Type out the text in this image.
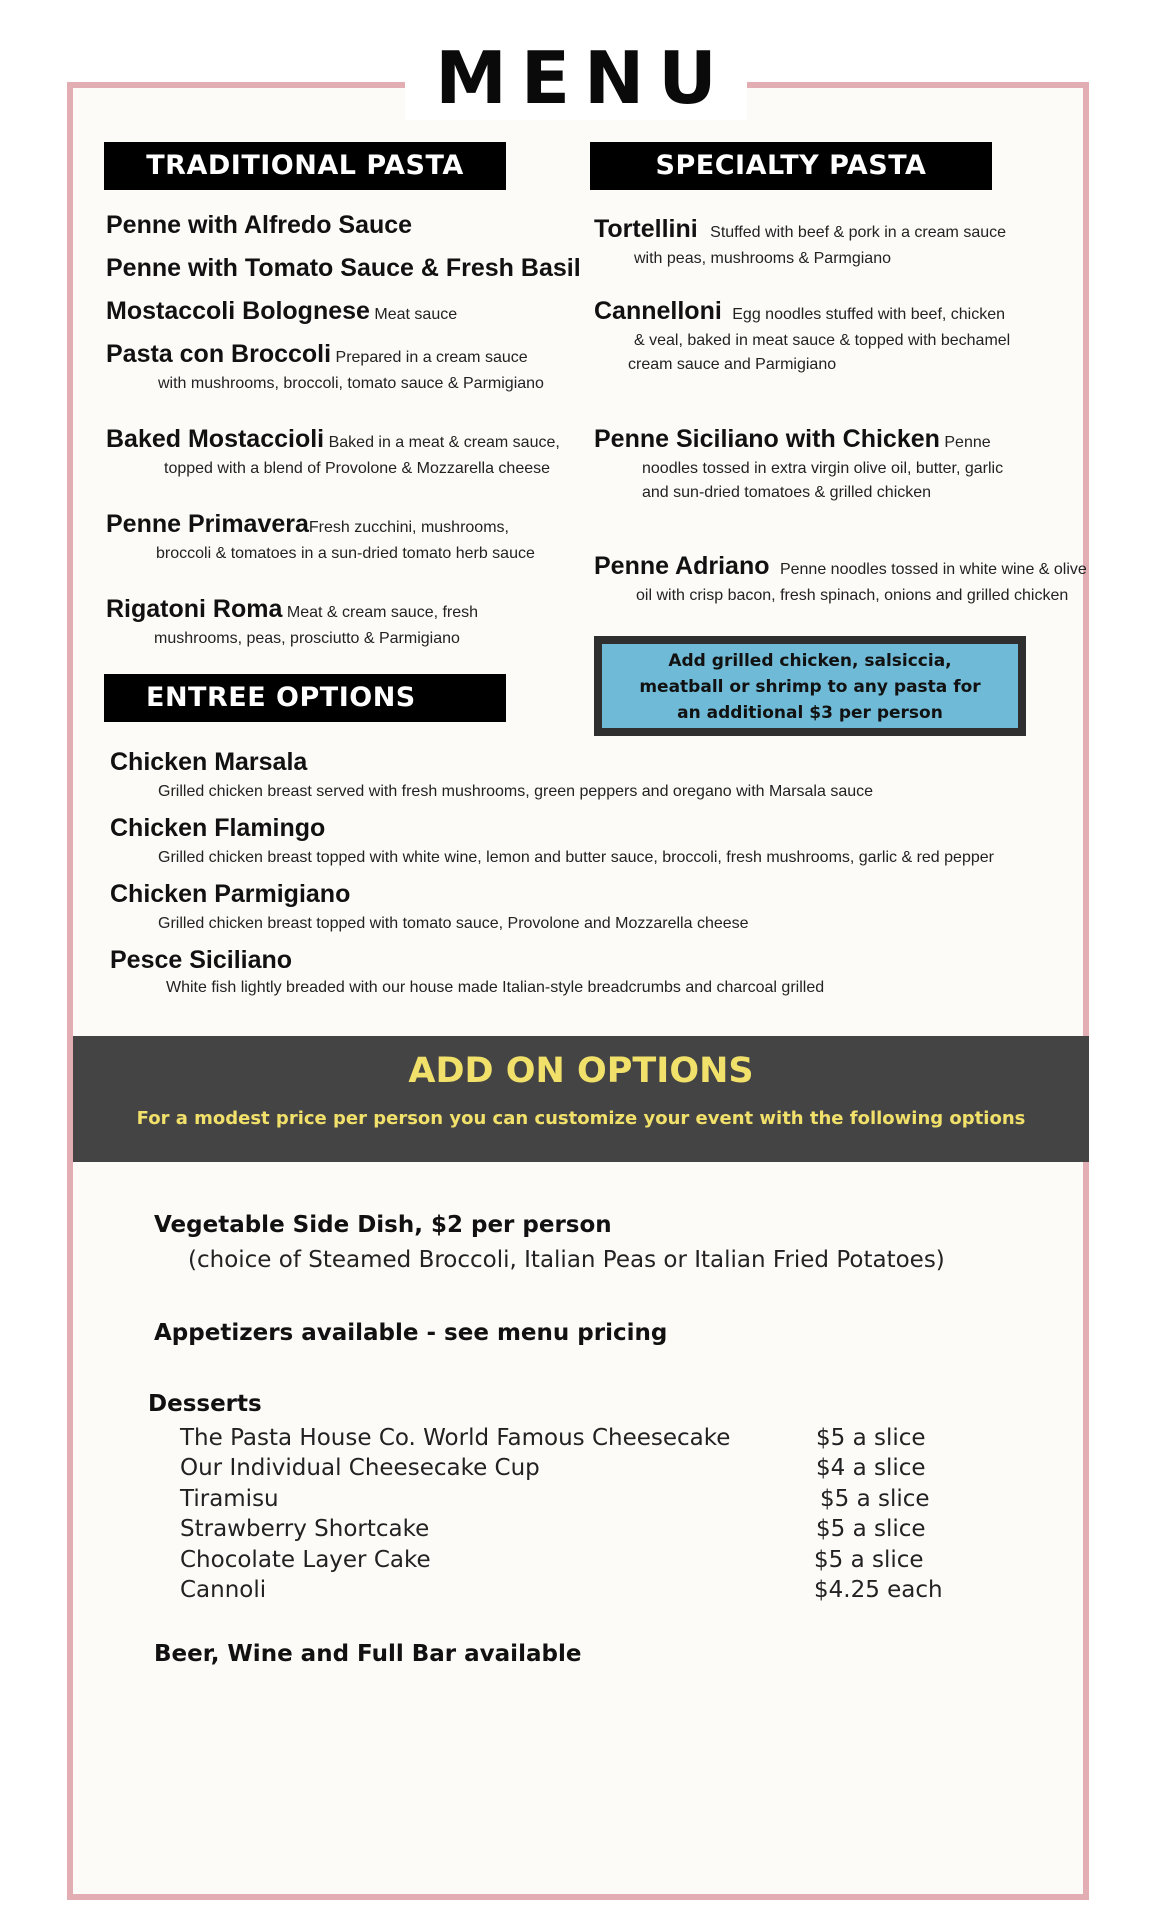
MENU
TRADITIONAL PASTA
Penne with Alfredo Sauce
Penne with Tomato Sauce & Fresh Basil
Mostaccoli Bolognese Meat sauce
Pasta con Broccoli Prepared in a cream sauce
with mushrooms, broccoli, tomato sauce & Parmigiano
Baked Mostaccioli Baked in a meat & cream sauce,
topped with a blend of Provolone & Mozzarella cheese
Penne PrimaveraFresh zucchini, mushrooms,
broccoli & tomatoes in a sun-dried tomato herb sauce
Rigatoni Roma Meat & cream sauce, fresh
mushrooms, peas, prosciutto & Parmigiano
SPECIALTY PASTA
Tortellini Stuffed with beef & pork in a cream sauce
with peas, mushrooms & Parmgiano
Cannelloni Egg noodles stuffed with beef, chicken
& veal, baked in meat sauce & topped with bechamel
cream sauce and Parmigiano
Penne Siciliano with Chicken Penne
noodles tossed in extra virgin olive oil, butter, garlic
and sun-dried tomatoes & grilled chicken
Penne Adriano Penne noodles tossed in white wine & olive
oil with crisp bacon, fresh spinach, onions and grilled chicken
Add grilled chicken, salsiccia,
meatball or shrimp to any pasta for
an additional $3 per person
ENTREE OPTIONS
Chicken Marsala
Grilled chicken breast served with fresh mushrooms, green peppers and oregano with Marsala sauce
Chicken Flamingo
Grilled chicken breast topped with white wine, lemon and butter sauce, broccoli, fresh mushrooms, garlic & red pepper
Chicken Parmigiano
Grilled chicken breast topped with tomato sauce, Provolone and Mozzarella cheese
Pesce Siciliano
White fish lightly breaded with our house made Italian-style breadcrumbs and charcoal grilled
ADD ON OPTIONS
For a modest price per person you can customize your event with the following options
Vegetable Side Dish, $2 per person
(choice of Steamed Broccoli, Italian Peas or Italian Fried Potatoes)
Appetizers available - see menu pricing
Desserts
The Pasta House Co. World Famous Cheesecake	$5 a slice
Our Individual Cheesecake Cup	$4 a slice
Tiramisu	$5 a slice
Strawberry Shortcake	$5 a slice
Chocolate Layer Cake	$5 a slice
Cannoli	$4.25 each
Beer, Wine and Full Bar available
